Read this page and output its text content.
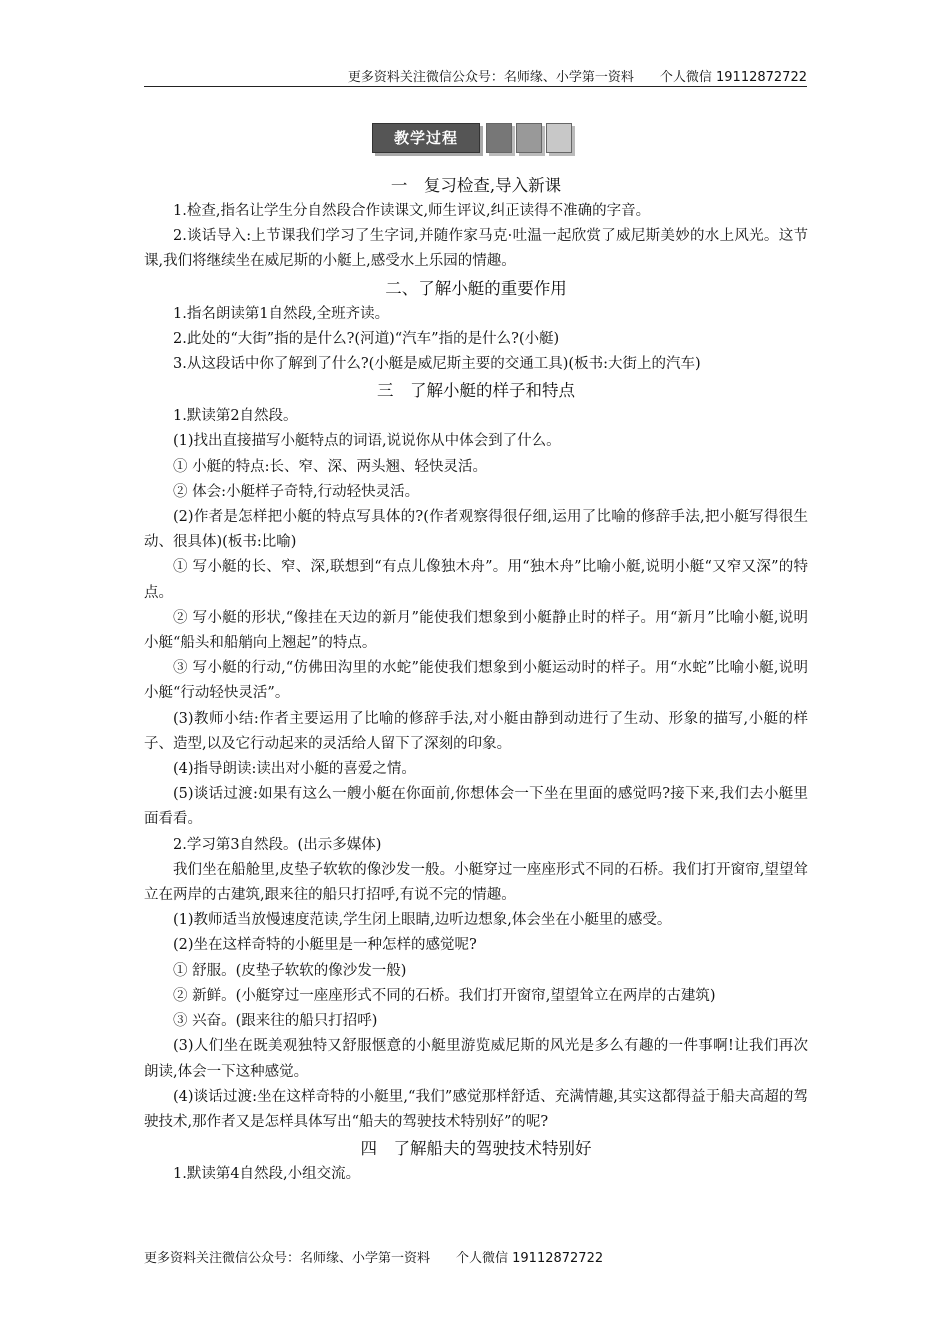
更多资料关注微信公众号：名师缘、小学第一资料　　个人微信 19112872722
教学过程
一　复习检查,导入新课

1.检查,指名让学生分自然段合作读课文,师生评议,纠正读得不准确的字音。

2.谈话导入:上节课我们学习了生字词,并随作家马克·吐温一起欣赏了威尼斯美妙的水上风光。这节课,我们将继续坐在威尼斯的小艇上,感受水上乐园的情趣。

二、了解小艇的重要作用

1.指名朗读第1自然段,全班齐读。

2.此处的“大街”指的是什么?(河道)“汽车”指的是什么?(小艇)

3.从这段话中你了解到了什么?(小艇是威尼斯主要的交通工具)(板书:大街上的汽车)

三　了解小艇的样子和特点

1.默读第2自然段。

(1)找出直接描写小艇特点的词语,说说你从中体会到了什么。

① 小艇的特点:长、窄、深、两头翘、轻快灵活。

② 体会:小艇样子奇特,行动轻快灵活。

(2)作者是怎样把小艇的特点写具体的?(作者观察得很仔细,运用了比喻的修辞手法,把小艇写得很生动、很具体)(板书:比喻)

① 写小艇的长、窄、深,联想到“有点儿像独木舟”。用“独木舟”比喻小艇,说明小艇“又窄又深”的特点。

② 写小艇的形状,“像挂在天边的新月”能使我们想象到小艇静止时的样子。用“新月”比喻小艇,说明小艇“船头和船艄向上翘起”的特点。

③ 写小艇的行动,“仿佛田沟里的水蛇”能使我们想象到小艇运动时的样子。用“水蛇”比喻小艇,说明小艇“行动轻快灵活”。

(3)教师小结:作者主要运用了比喻的修辞手法,对小艇由静到动进行了生动、形象的描写,小艇的样子、造型,以及它行动起来的灵活给人留下了深刻的印象。

(4)指导朗读:读出对小艇的喜爱之情。

(5)谈话过渡:如果有这么一艘小艇在你面前,你想体会一下坐在里面的感觉吗?接下来,我们去小艇里面看看。

2.学习第3自然段。(出示多媒体)

我们坐在船舱里,皮垫子软软的像沙发一般。小艇穿过一座座形式不同的石桥。我们打开窗帘,望望耸立在两岸的古建筑,跟来往的船只打招呼,有说不完的情趣。

(1)教师适当放慢速度范读,学生闭上眼睛,边听边想象,体会坐在小艇里的感受。

(2)坐在这样奇特的小艇里是一种怎样的感觉呢?

① 舒服。(皮垫子软软的像沙发一般)

② 新鲜。(小艇穿过一座座形式不同的石桥。我们打开窗帘,望望耸立在两岸的古建筑)

③ 兴奋。(跟来往的船只打招呼)

(3)人们坐在既美观独特又舒服惬意的小艇里游览威尼斯的风光是多么有趣的一件事啊!让我们再次朗读,体会一下这种感觉。

(4)谈话过渡:坐在这样奇特的小艇里,“我们”感觉那样舒适、充满情趣,其实这都得益于船夫高超的驾驶技术,那作者又是怎样具体写出“船夫的驾驶技术特别好”的呢?

四　了解船夫的驾驶技术特别好

1.默读第4自然段,小组交流。

更多资料关注微信公众号：名师缘、小学第一资料　　个人微信 19112872722
